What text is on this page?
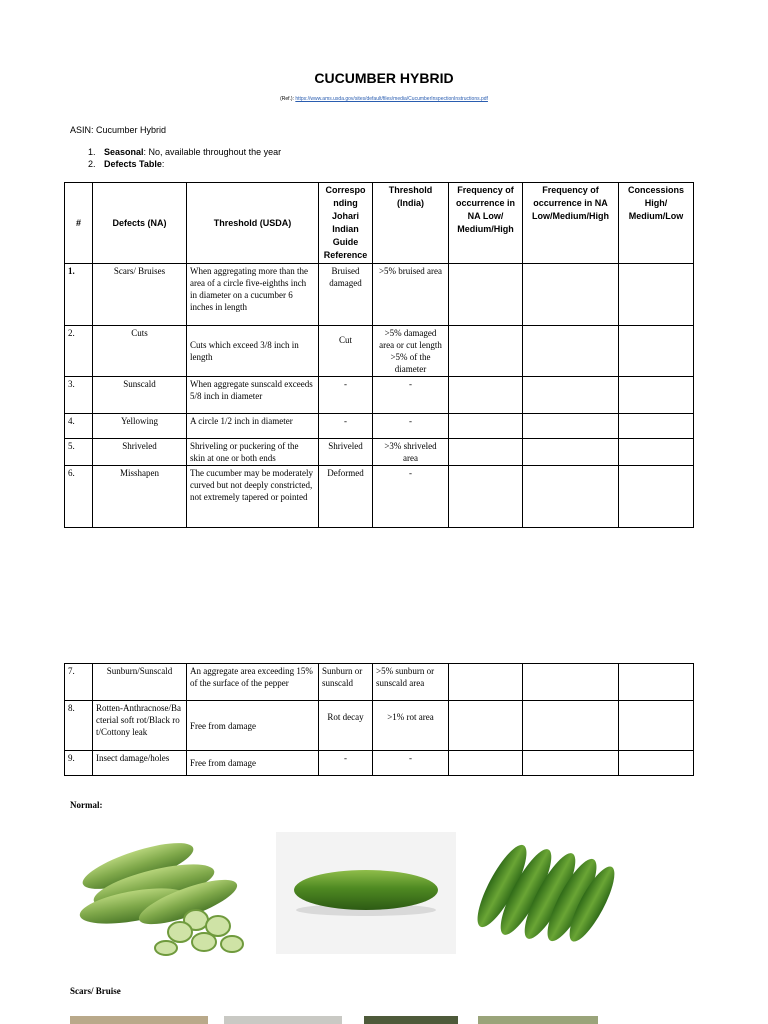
CUCUMBER HYBRID
(Ref.): https://www.ams.usda.gov/sites/default/files/media/CucumberInspectionInstructions.pdf
ASIN: Cucumber Hybrid
1. Seasonal: No, available throughout the year
2. Defects Table:
#	Defects (NA)	Threshold (USDA)	Correspo nding Johari Indian Guide Reference	Threshold (India)	Frequency of occurrence in NA Low/ Medium/High	Frequency of occurrence in NA Low/Medium/High	Concessions High/ Medium/Low
1.	Scars/ Bruises	When aggregating more than the area of a circle five-eighths inch in diameter on a cucumber 6 inches in length	Bruised damaged	>5% bruised area			
2.	Cuts	Cuts which exceed 3/8 inch in length	Cut	>5% damaged area or cut length >5% of the diameter			
3.	Sunscald	When aggregate sunscald exceeds 5/8 inch in diameter	-	-			
4.	Yellowing	A circle 1/2 inch in diameter	-	-			
5.	Shriveled	Shriveling or puckering of the skin at one or both ends	Shriveled	>3% shriveled area			
6.	Misshapen	The cucumber may be moderately curved but not deeply constricted, not extremely tapered or pointed	Deformed	-			
7.	Sunburn/Sunscald	An aggregate area exceeding 15% of the surface of the pepper	Sunburn or sunscald	>5% sunburn or sunscald area			
8.	Rotten-Anthracnose/Bacterial soft rot/Black rot/Cottony leak	Free from damage	Rot decay	>1% rot area			
9.	Insect damage/holes	Free from damage	-	-			
Normal:
Scars/ Bruise
